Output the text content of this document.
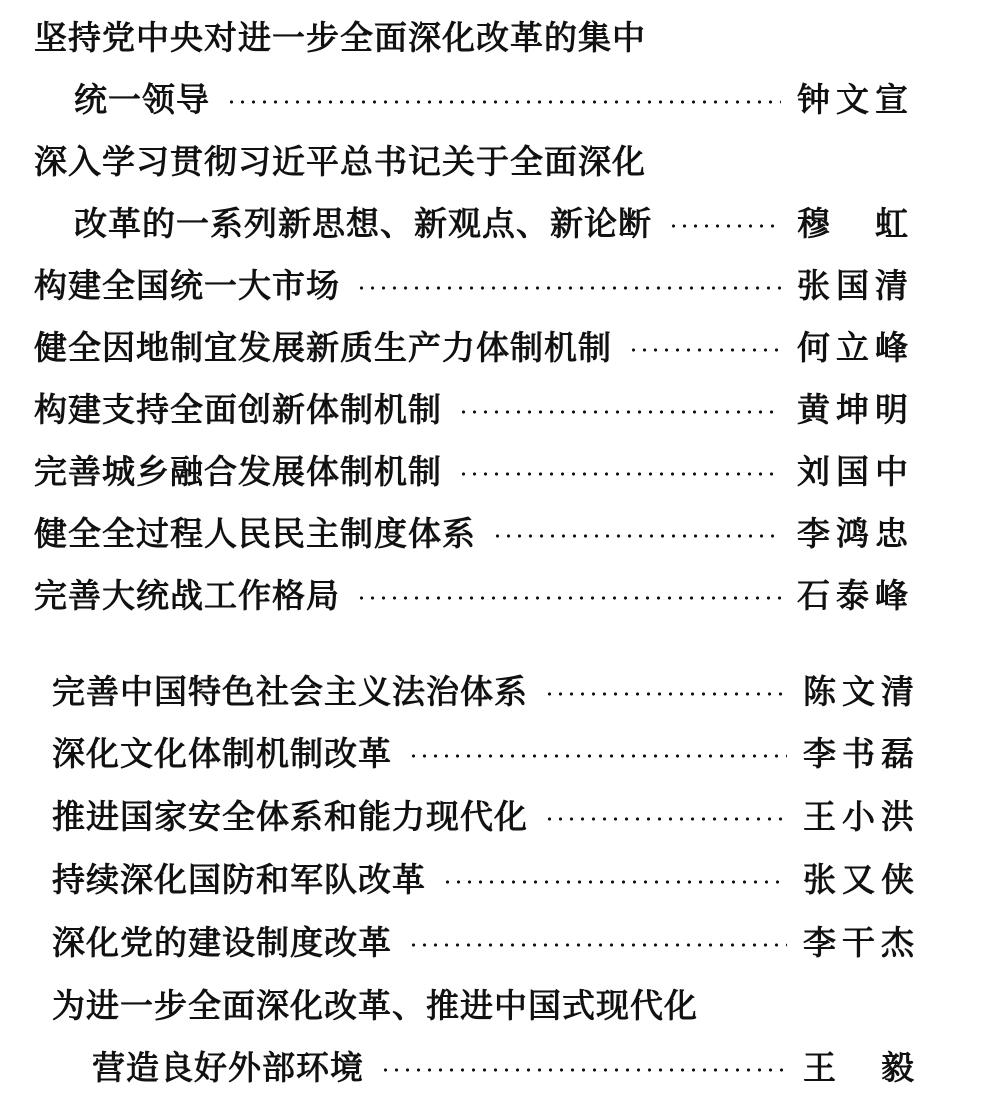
坚持党中央对进一步全面深化改革的集中
统一领导	钟文宣
深入学习贯彻习近平总书记关于全面深化
改革的一系列新思想、新观点、新论断	穆　虹
构建全国统一大市场	张国清
健全因地制宜发展新质生产力体制机制	何立峰
构建支持全面创新体制机制	黄坤明
完善城乡融合发展体制机制	刘国中
健全全过程人民民主制度体系	李鸿忠
完善大统战工作格局	石泰峰
完善中国特色社会主义法治体系	陈文清
深化文化体制机制改革	李书磊
推进国家安全体系和能力现代化	王小洪
持续深化国防和军队改革	张又侠
深化党的建设制度改革	李干杰
为进一步全面深化改革、推进中国式现代化
营造良好外部环境	王　毅
